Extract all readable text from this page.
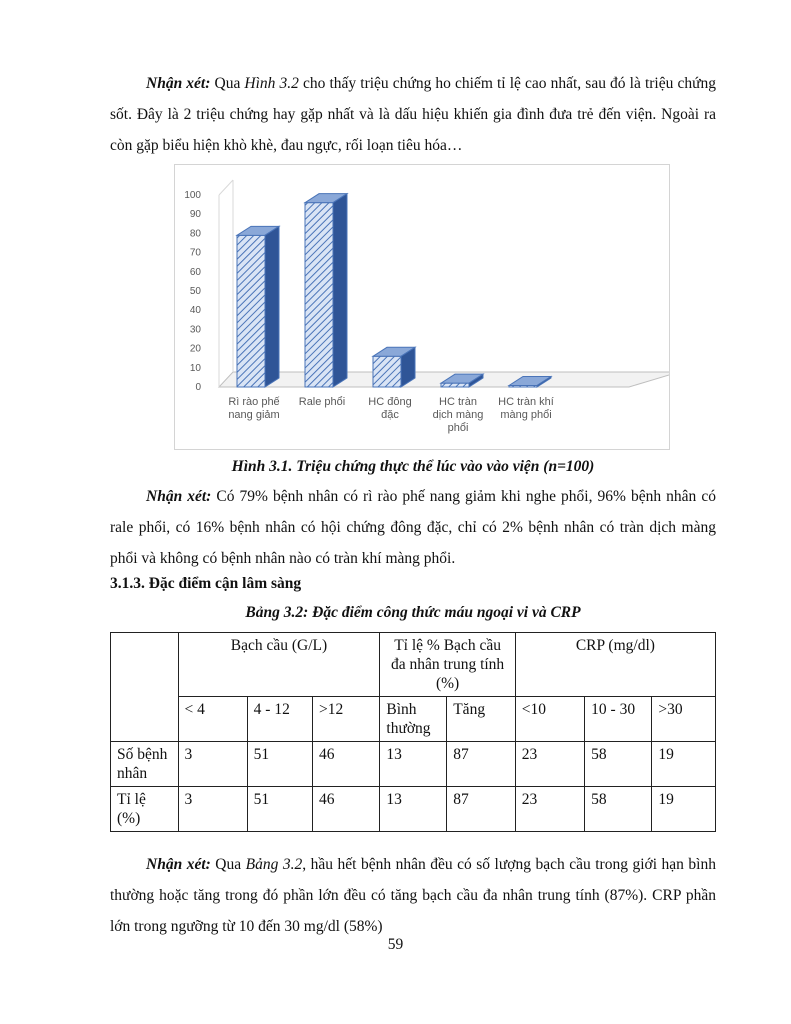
Nhận xét: Qua Hình 3.2 cho thấy triệu chứng ho chiếm tỉ lệ cao nhất, sau đó là triệu chứng sốt. Đây là 2 triệu chứng hay gặp nhất và là dấu hiệu khiến gia đình đưa trẻ đến viện. Ngoài ra còn gặp biểu hiện khò khè, đau ngực, rối loạn tiêu hóa…

0
10
20
30
40
50
60
70
80
90
100
Rì rào phế nang giảm
Rale phổi HC đông đặc
HC tràn dịch màng phổi
HC tràn khí màng phổi

Hình 3.1. Triệu chứng thực thể lúc vào vào viện (n=100)

Nhận xét: Có 79% bệnh nhân có rì rào phế nang giảm khi nghe phổi, 96% bệnh nhân có rale phổi, có 16% bệnh nhân có hội chứng đông đặc, chỉ có 2% bệnh nhân có tràn dịch màng phổi và không có bệnh nhân nào có tràn khí màng phổi.

3.1.3. Đặc điểm cận lâm sàng

Bảng 3.2: Đặc điểm công thức máu ngoại vi và CRP

	Bạch cầu (G/L)			Tỉ lệ % Bạch cầu đa nhân trung tính (%)		CRP (mg/dl)		
	< 4	4 - 12	>12	Bình thường	Tăng	<10	10 - 30	>30
Số bệnh nhân	3	51	46	13	87	23	58	19
Tỉ lệ (%)	3	51	46	13	87	23	58	19

Nhận xét: Qua Bảng 3.2, hầu hết bệnh nhân đều có số lượng bạch cầu trong giới hạn bình thường hoặc tăng trong đó phần lớn đều có tăng bạch cầu đa nhân trung tính (87%). CRP phần lớn trong ngưỡng từ 10 đến 30 mg/dl (58%)

59
